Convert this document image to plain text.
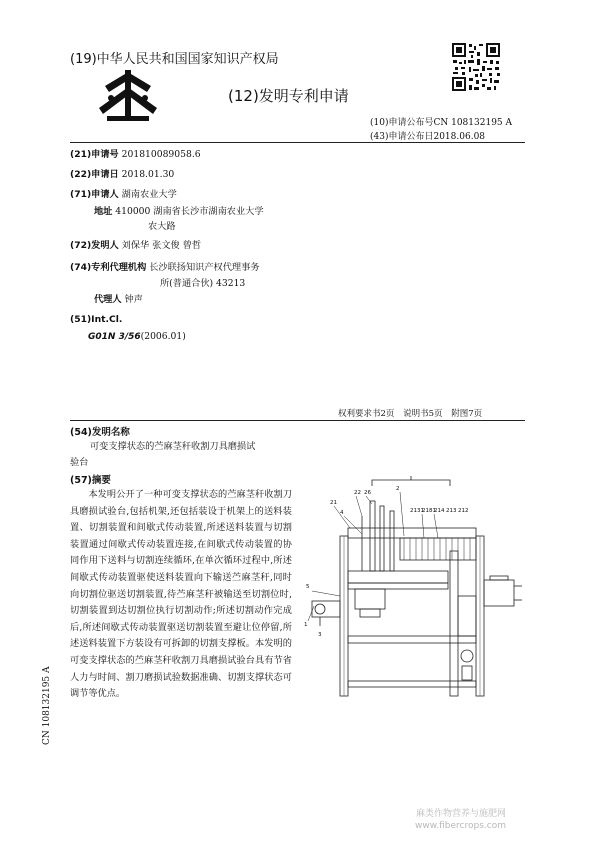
(19)中华人民共和国国家知识产权局
(12)发明专利申请
(10)申请公布号CN 108132195 A
(43)申请公布日2018.06.08
(21)申请号 201810089058.6
(22)申请日 2018.01.30
(71)申请人 湖南农业大学
地址 410000 湖南省长沙市湖南农业大学
农大路
(72)发明人 刘保华 张文俊 曾哲
(74)专利代理机构 长沙联扬知识产权代理事务
所(普通合伙) 43213
代理人 钟声
(51)Int.Cl.
G01N 3/56(2006.01)
权利要求书2页 说明书5页 附图7页
(54)发明名称
可变支撑状态的苎麻茎秆收割刀具磨损试
验台
(57)摘要

本发明公开了一种可变支撑状态的苎麻茎秆收割刀具磨损试验台,包括机架,还包括装设于机架上的送料装置、切割装置和间歇式传动装置,所述送料装置与切割装置通过间歇式传动装置连接,在间歇式传动装置的协同作用下送料与切割连续循环,在单次循环过程中,所述间歇式传动装置驱使送料装置向下输送苎麻茎秆,同时向切割位驱送切割装置,待苎麻茎秆被输送至切割位时,切割装置到达切割位执行切割动作;所述切割动作完成后,所述间歇式传动装置驱送切割装置至避让位停留,所述送料装置下方装设有可拆卸的切割支撑板。本发明的可变支撑状态的苎麻茎秆收割刀具磨损试验台具有节省人力与时间、割刀磨损试验数据准确、切割支撑状态可调节等优点。

22 26
2
21
4	2131
2181
214 213 212
5
1
3
CN 108132195 A
麻类作物营养与施肥网
www.fibercrops.com
